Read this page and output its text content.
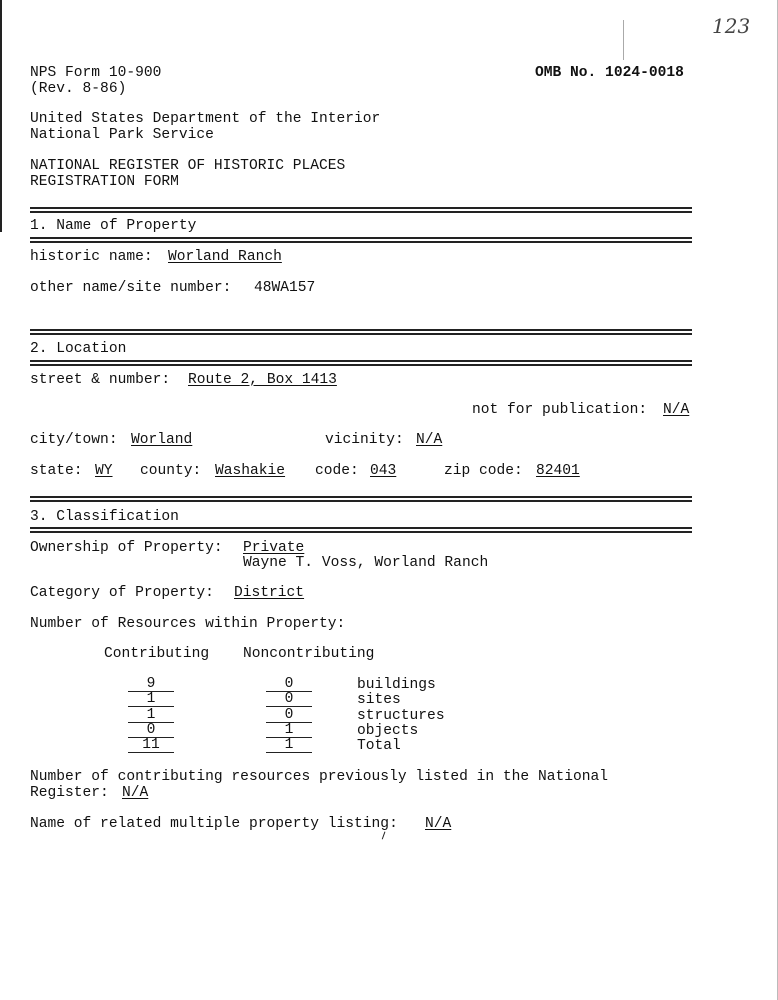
123
NPS Form 10-900
(Rev. 8-86)
OMB No. 1024-0018
United States Department of the Interior
National Park Service
NATIONAL REGISTER OF HISTORIC PLACES
REGISTRATION FORM
1. Name of Property
historic name: Worland Ranch
other name/site number: 48WA157
2. Location
street & number: Route 2, Box 1413
not for publication: N/A
city/town: Worland	vicinity: N/A
state: WY county: Washakie code: 043	zip code: 82401
3. Classification
Ownership of Property: Private
Wayne T. Voss, Worland Ranch
Category of Property: District
Number of Resources within Property:
Contributing Noncontributing
9	0	buildings
1	0	sites
1	0	structures
0	1	objects
11	1	Total
Number of contributing resources previously listed in the National
Register: N/A
Name of related multiple property listing: N/A
